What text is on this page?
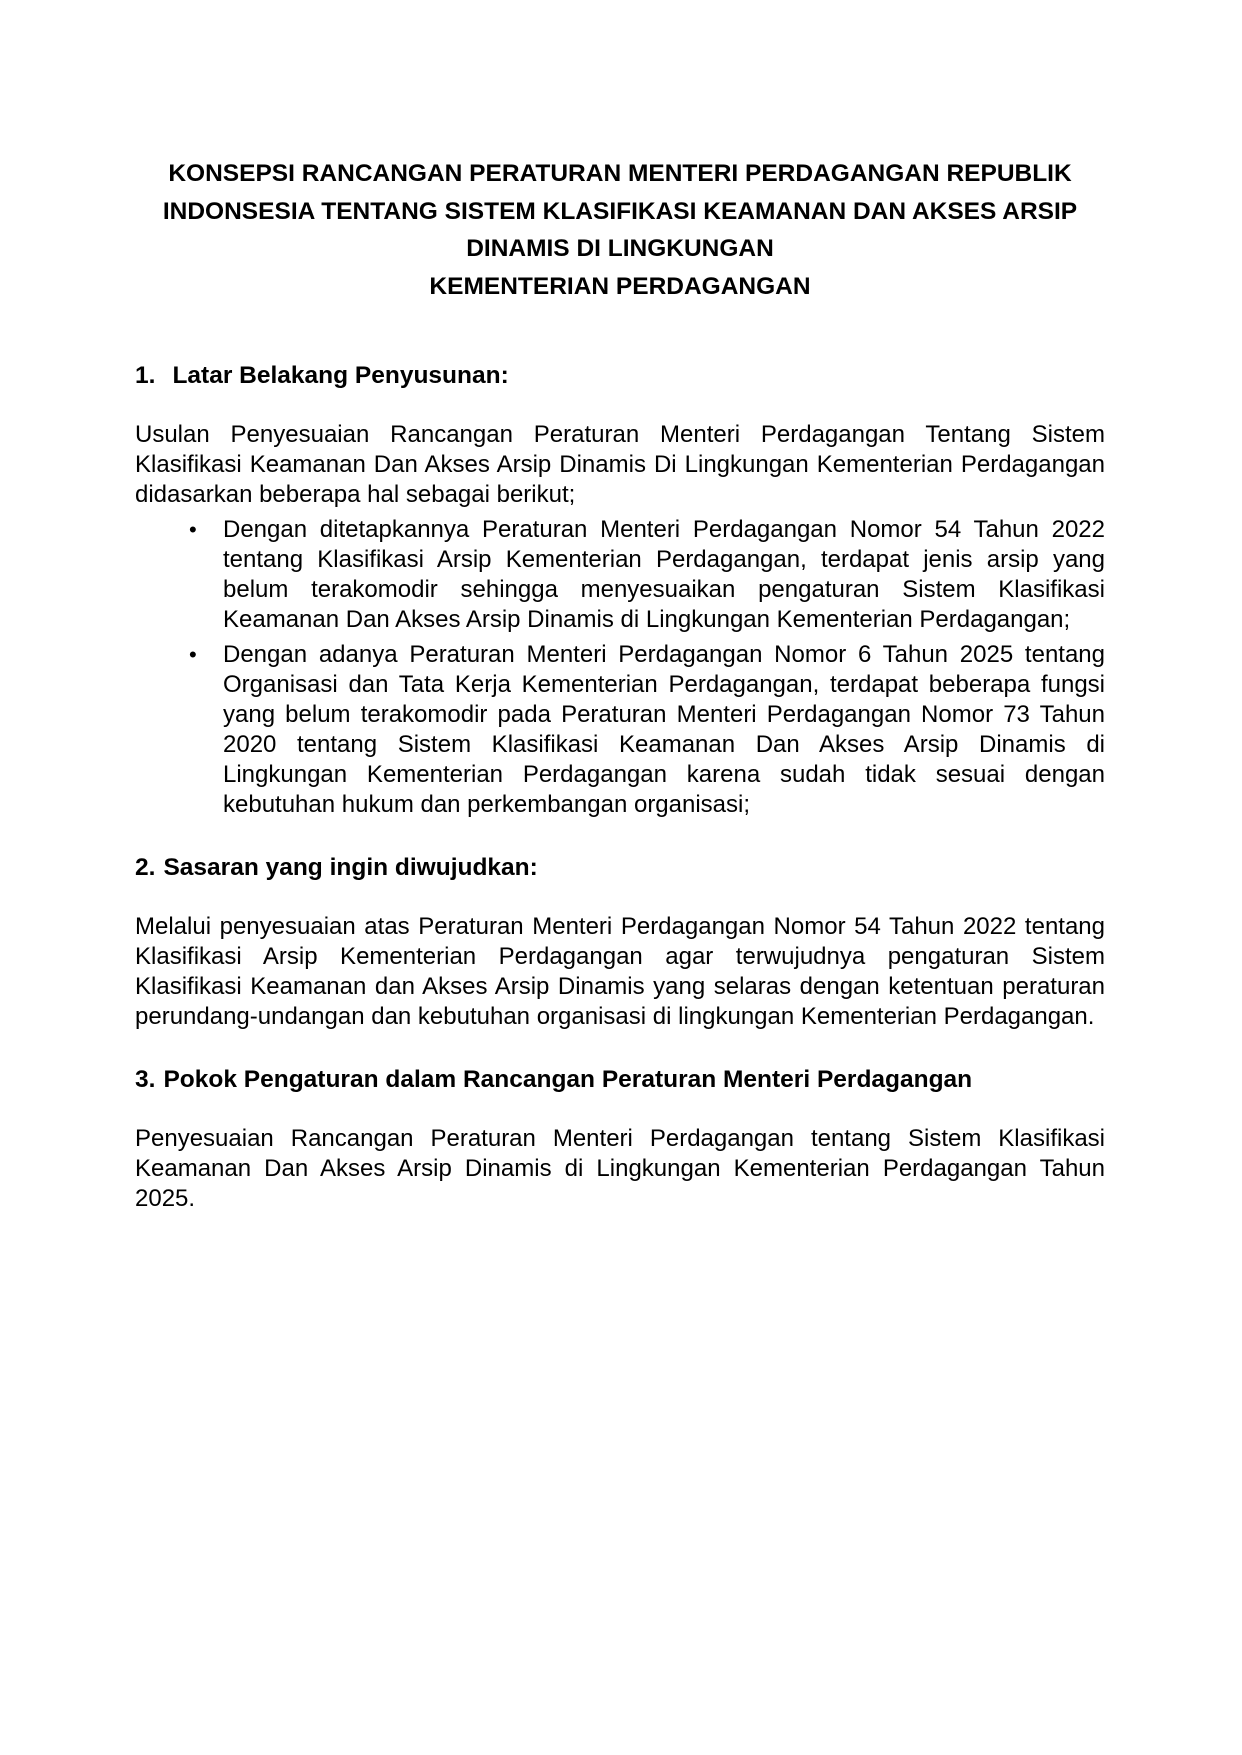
KONSEPSI RANCANGAN PERATURAN MENTERI PERDAGANGAN REPUBLIK
INDONSESIA TENTANG SISTEM KLASIFIKASI KEAMANAN DAN AKSES ARSIP
DINAMIS DI LINGKUNGAN
KEMENTERIAN PERDAGANGAN
1. Latar Belakang Penyusunan:

Usulan Penyesuaian Rancangan Peraturan Menteri Perdagangan Tentang Sistem Klasifikasi Keamanan Dan Akses Arsip Dinamis Di Lingkungan Kementerian Perdagangan didasarkan beberapa hal sebagai berikut;

• Dengan ditetapkannya Peraturan Menteri Perdagangan Nomor 54 Tahun 2022 tentang Klasifikasi Arsip Kementerian Perdagangan, terdapat jenis arsip yang belum terakomodir sehingga menyesuaikan pengaturan Sistem Klasifikasi Keamanan Dan Akses Arsip Dinamis di Lingkungan Kementerian Perdagangan;
• Dengan adanya Peraturan Menteri Perdagangan Nomor 6 Tahun 2025 tentang Organisasi dan Tata Kerja Kementerian Perdagangan, terdapat beberapa fungsi yang belum terakomodir pada Peraturan Menteri Perdagangan Nomor 73 Tahun 2020 tentang Sistem Klasifikasi Keamanan Dan Akses Arsip Dinamis di Lingkungan Kementerian Perdagangan karena sudah tidak sesuai dengan kebutuhan hukum dan perkembangan organisasi;
2. Sasaran yang ingin diwujudkan:

Melalui penyesuaian atas Peraturan Menteri Perdagangan Nomor 54 Tahun 2022 tentang Klasifikasi Arsip Kementerian Perdagangan agar terwujudnya pengaturan Sistem Klasifikasi Keamanan dan Akses Arsip Dinamis yang selaras dengan ketentuan peraturan perundang-undangan dan kebutuhan organisasi di lingkungan Kementerian Perdagangan.

3. Pokok Pengaturan dalam Rancangan Peraturan Menteri Perdagangan

Penyesuaian Rancangan Peraturan Menteri Perdagangan tentang Sistem Klasifikasi Keamanan Dan Akses Arsip Dinamis di Lingkungan Kementerian Perdagangan Tahun 2025.
